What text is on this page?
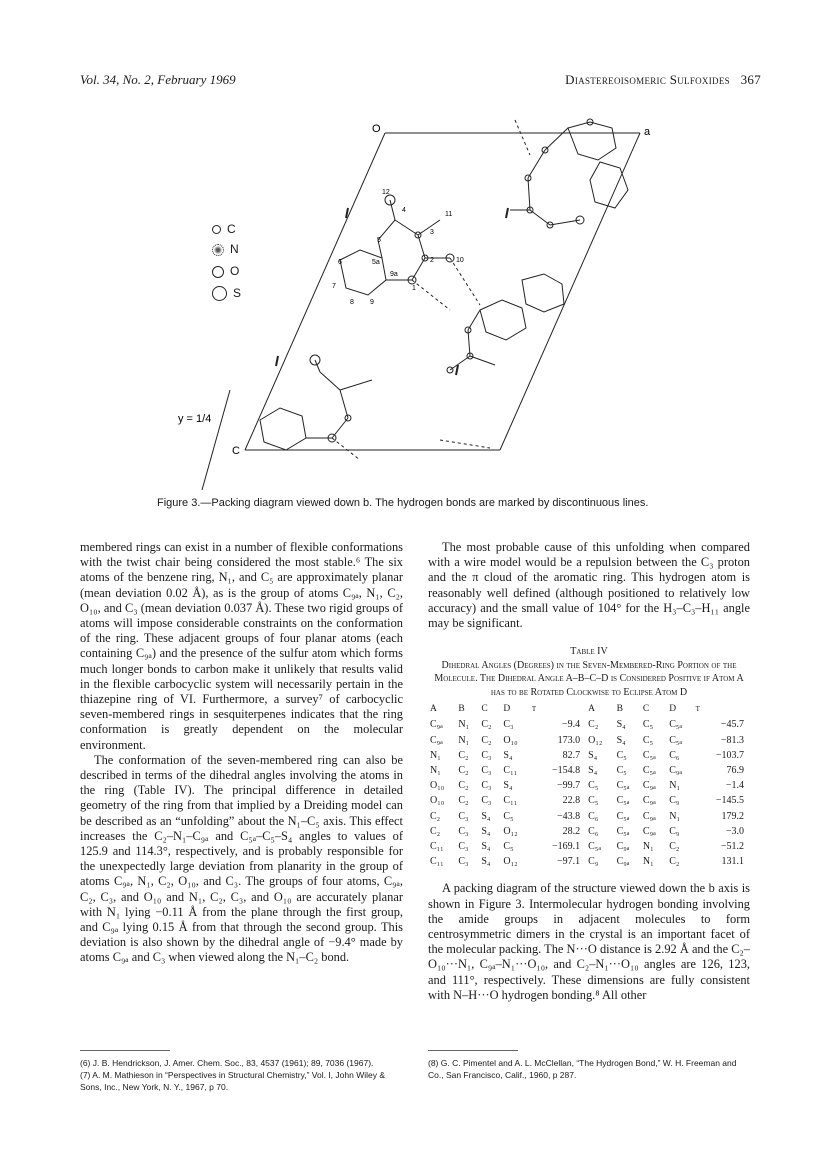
Vol. 34, No. 2, February 1969	Diastereoisomeric Sulfoxides 367
O
C
a
y = 1/4
12
4
5
3
11
6	5a	2	10
7
9a
1
8 9
C
N
O
S
Figure 3.—Packing diagram viewed down b. The hydrogen bonds are marked by discontinuous lines.

membered rings can exist in a number of flexible conformations with the twist chair being considered the most stable.⁶ The six atoms of the benzene ring, N₁, and C₅ are approximately planar (mean deviation 0.02 Å), as is the group of atoms C₉ₐ, N₁, C₂, O₁₀, and C₃ (mean deviation 0.037 Å). These two rigid groups of atoms will impose considerable constraints on the conformation of the ring. These adjacent groups of four planar atoms (each containing C₉ₐ) and the presence of the sulfur atom which forms much longer bonds to carbon make it unlikely that results valid in the flexible carbocyclic system will necessarily pertain in the thiazepine ring of VI. Furthermore, a survey⁷ of carbocyclic seven-membered rings in sesquiterpenes indicates that the ring conformation is greatly dependent on the molecular environment.

The conformation of the seven-membered ring can also be described in terms of the dihedral angles involving the atoms in the ring (Table IV). The principal difference in detailed geometry of the ring from that implied by a Dreiding model can be described as an “unfolding” about the N₁–C₅ axis. This effect increases the C₂–N₁–C₉ₐ and C₅ₐ–C₅–S₄ angles to values of 125.9 and 114.3°, respectively, and is probably responsible for the unexpectedly large deviation from planarity in the group of atoms C₉ₐ, N₁, C₂, O₁₀, and C₃. The groups of four atoms, C₉ₐ, C₂, C₃, and O₁₀ and N₁, C₂, C₃, and O₁₀ are accurately planar with N₁ lying −0.11 Å from the plane through the first group, and C₉ₐ lying 0.15 Å from that through the second group. This deviation is also shown by the dihedral angle of −9.4° made by atoms C₉ₐ and C₃ when viewed along the N₁–C₂ bond.

(6) J. B. Hendrickson, J. Amer. Chem. Soc., 83, 4537 (1961); 89, 7036 (1967).
(7) A. M. Mathieson in “Perspectives in Structural Chemistry,” Vol. I, John Wiley & Sons, Inc., New York, N. Y., 1967, p 70.

The most probable cause of this unfolding when compared with a wire model would be a repulsion between the C₃ proton and the π cloud of the aromatic ring. This hydrogen atom is reasonably well defined (although positioned to relatively low accuracy) and the small value of 104° for the H₃–C₃–H₁₁ angle may be significant.

Table IV
Dihedral Angles (Degrees) in the Seven-Membered-Ring Portion of the Molecule. The Dihedral Angle A–B–C–D is Considered Positive if Atom A has to be Rotated Clockwise to Eclipse Atom D
A	B	C	D	τ	A	B	C	D	τ
C₉ₐ	N₁	C₂	C₃	−9.4	C₂	S₄	C₅	C₅ₐ	−45.7
C₉ₐ	N₁	C₂	O₁₀	173.0	O₁₂	S₄	C₅	C₅ₐ	−81.3
N₁	C₂	C₃	S₄	82.7	S₄	C₅	C₅ₐ	C₆	−103.7
N₁	C₂	C₃	C₁₁	−154.8	S₄	C₅	C₅ₐ	C₉ₐ	76.9
O₁₀	C₂	C₃	S₄	−99.7	C₅	C₅ₐ	C₉ₐ	N₁	−1.4
O₁₀	C₂	C₃	C₁₁	22.8	C₅	C₅ₐ	C₉ₐ	C₉	−145.5
C₂	C₃	S₄	C₅	−43.8	C₆	C₅ₐ	C₉ₐ	N₁	179.2
C₂	C₃	S₄	O₁₂	28.2	C₆	C₅ₐ	C₉ₐ	C₉	−3.0
C₁₁	C₃	S₄	C₅	−169.1	C₅ₐ	C₉ₐ	N₁	C₂	−51.2
C₁₁	C₃	S₄	O₁₂	−97.1	C₉	C₉ₐ	N₁	C₂	131.1

A packing diagram of the structure viewed down the b axis is shown in Figure 3. Intermolecular hydrogen bonding involving the amide groups in adjacent molecules to form centrosymmetric dimers in the crystal is an important facet of the molecular packing. The N···O distance is 2.92 Å and the C₂–O₁₀···N₁, C₉ₐ–N₁···O₁₀, and C₂–N₁···O₁₀ angles are 126, 123, and 111°, respectively. These dimensions are fully consistent with N–H···O hydrogen bonding.⁸ All other

(8) G. C. Pimentel and A. L. McClellan, “The Hydrogen Bond,” W. H. Freeman and Co., San Francisco, Calif., 1960, p 287.
